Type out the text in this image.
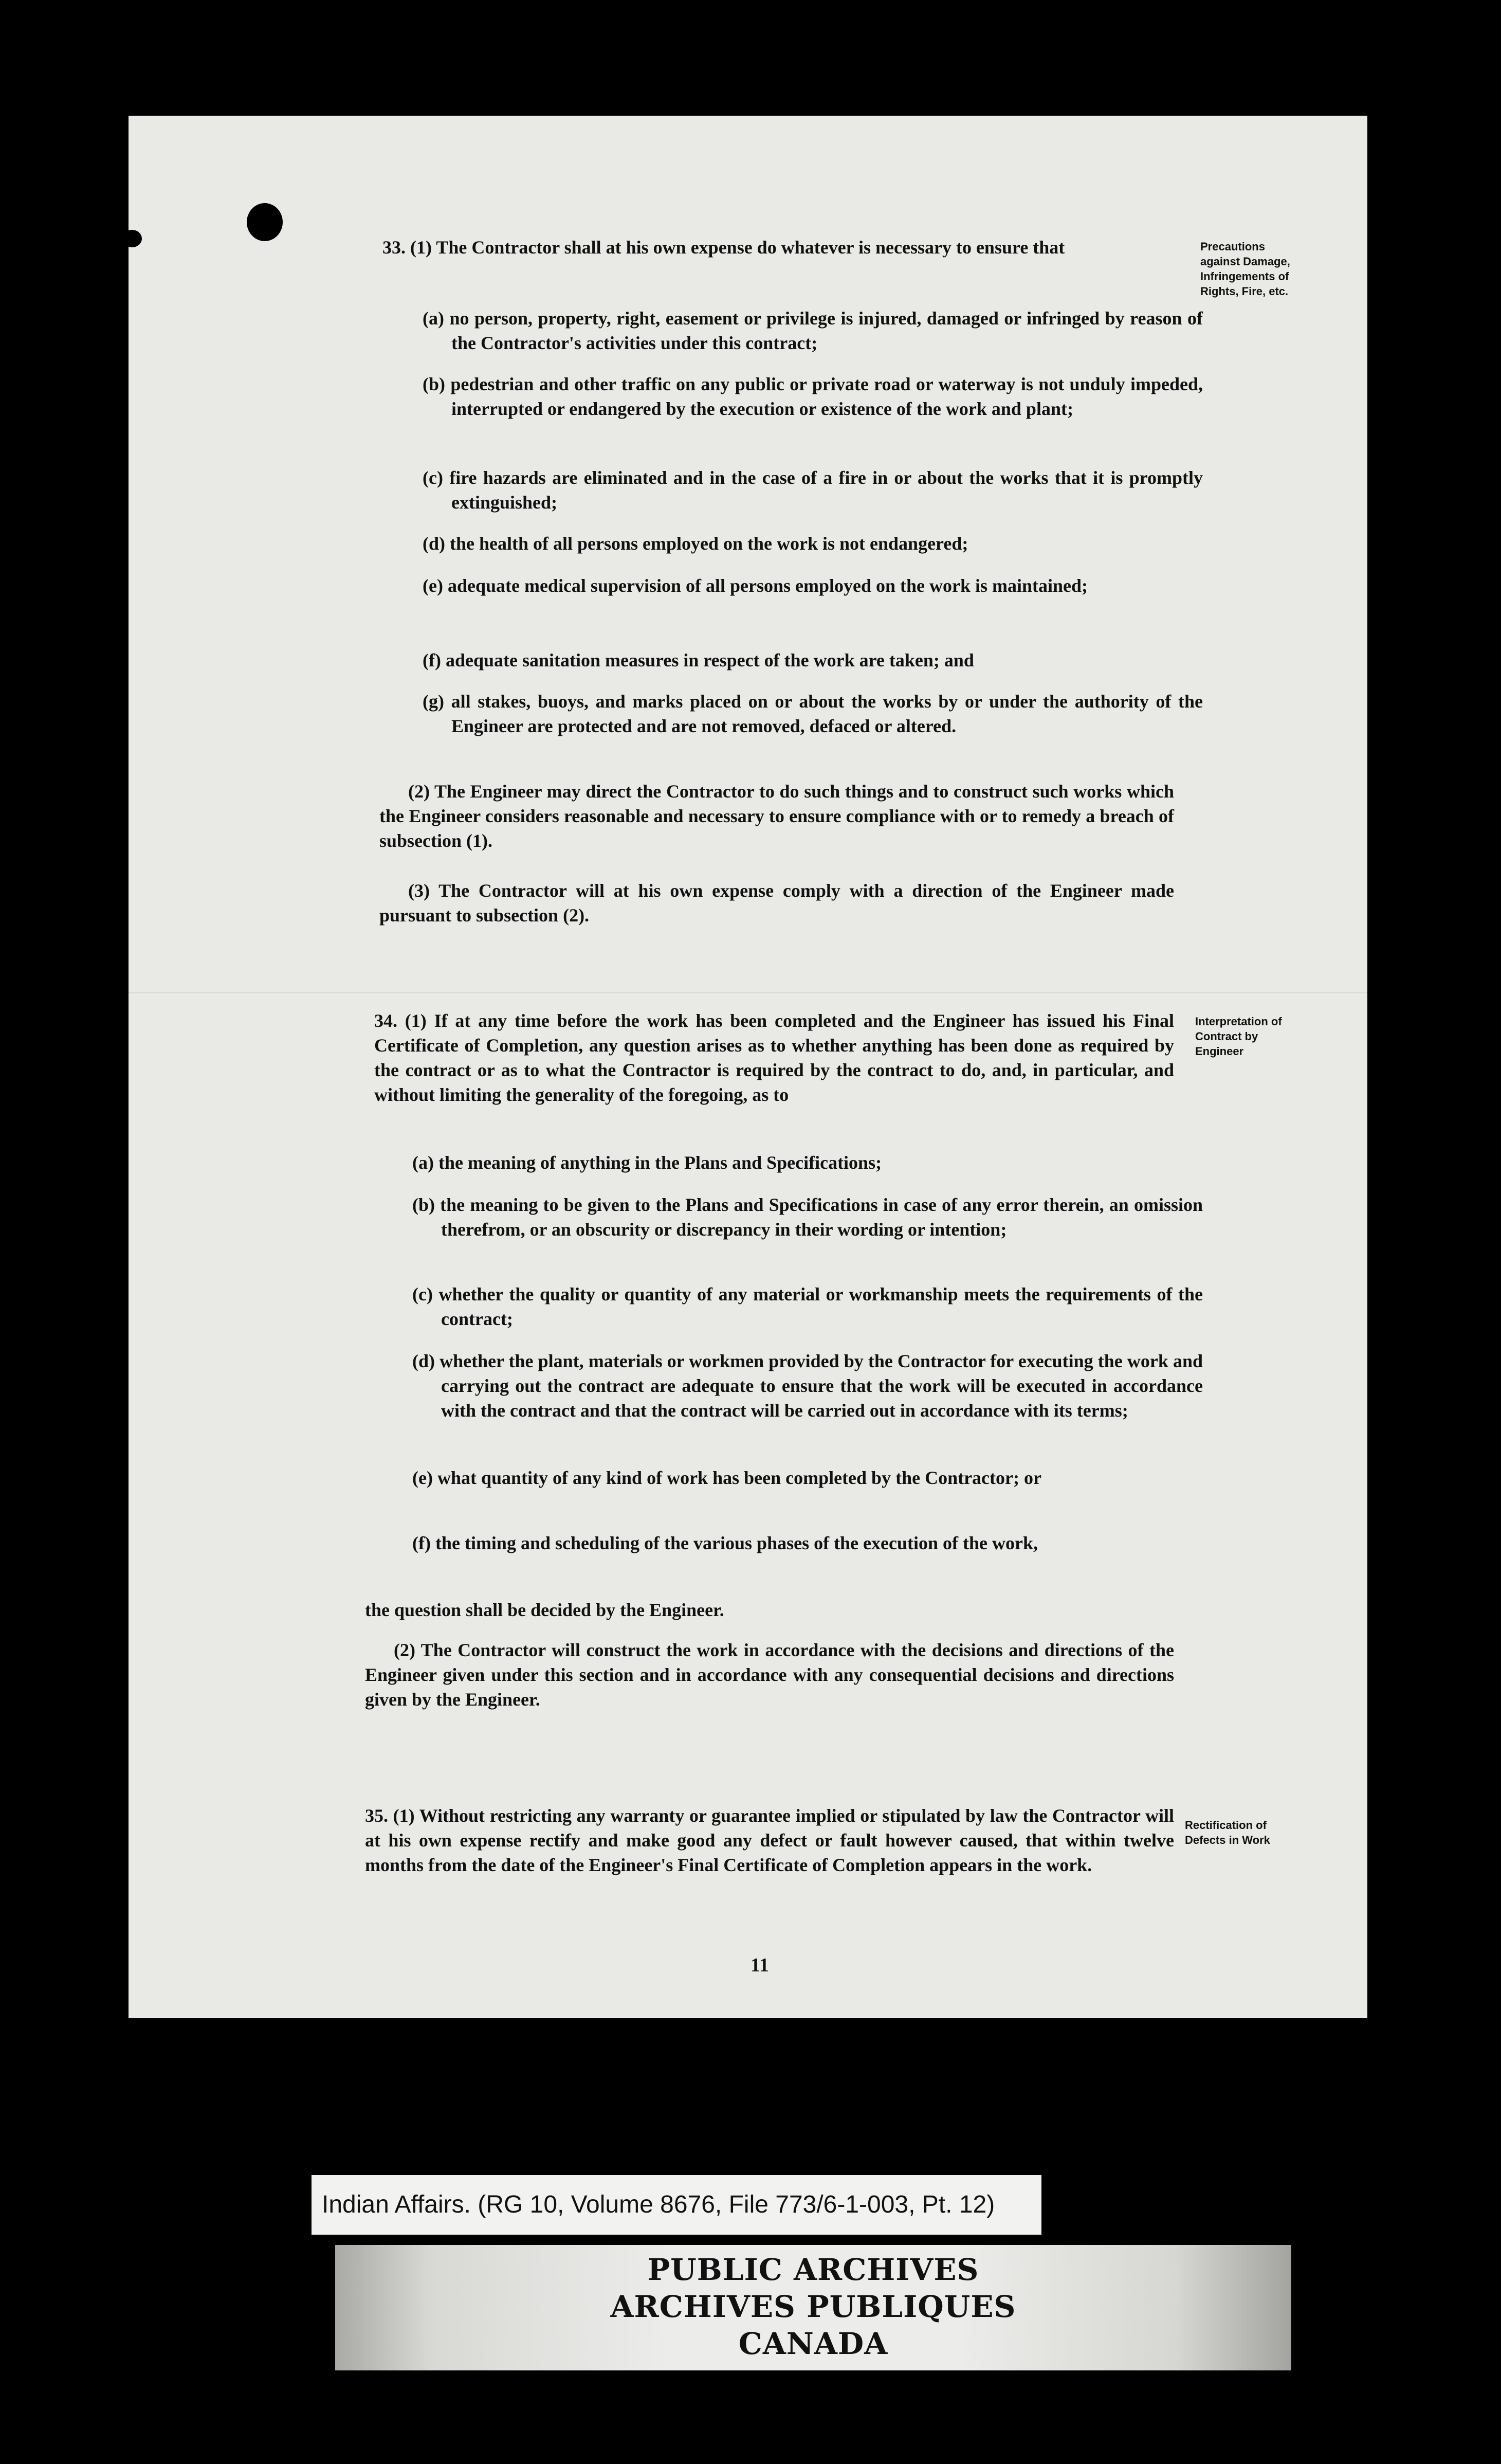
33. (1) The Contractor shall at his own expense do whatever is necessary to ensure that

(a) no person, property, right, easement or privilege is injured, damaged or infringed by reason of the Contractor's activities under this contract;

(b) pedestrian and other traffic on any public or private road or waterway is not unduly impeded, interrupted or endangered by the execution or existence of the work and plant;

(c) fire hazards are eliminated and in the case of a fire in or about the works that it is promptly extinguished;

(d) the health of all persons employed on the work is not endangered;

(e) adequate medical supervision of all persons employed on the work is maintained;

(f) adequate sanitation measures in respect of the work are taken; and

(g) all stakes, buoys, and marks placed on or about the works by or under the authority of the Engineer are protected and are not removed, defaced or altered.

(2) The Engineer may direct the Contractor to do such things and to construct such works which the Engineer considers reasonable and necessary to ensure compliance with or to remedy a breach of subsection (1).

(3) The Contractor will at his own expense comply with a direction of the Engineer made pursuant to subsection (2).

Precautions against Damage, Infringements of Rights, Fire, etc.

34. (1) If at any time before the work has been completed and the Engineer has issued his Final Certificate of Completion, any question arises as to whether anything has been done as required by the contract or as to what the Contractor is required by the contract to do, and, in particular, and without limiting the generality of the foregoing, as to

(a) the meaning of anything in the Plans and Specifications;

(b) the meaning to be given to the Plans and Specifications in case of any error therein, an omission therefrom, or an obscurity or discrepancy in their wording or intention;

(c) whether the quality or quantity of any material or workmanship meets the requirements of the contract;

(d) whether the plant, materials or workmen provided by the Contractor for executing the work and carrying out the contract are adequate to ensure that the work will be executed in accordance with the contract and that the contract will be carried out in accordance with its terms;

(e) what quantity of any kind of work has been completed by the Contractor; or

(f) the timing and scheduling of the various phases of the execution of the work,

the question shall be decided by the Engineer.

(2) The Contractor will construct the work in accordance with the decisions and directions of the Engineer given under this section and in accordance with any consequential decisions and directions given by the Engineer.

Interpretation of Contract by Engineer

35. (1) Without restricting any warranty or guarantee implied or stipulated by law the Contractor will at his own expense rectify and make good any defect or fault however caused, that within twelve months from the date of the Engineer's Final Certificate of Completion appears in the work.

Rectification of Defects in Work

11

Indian Affairs. (RG 10, Volume 8676, File 773/6-1-003, Pt. 12)

PUBLIC ARCHIVES

ARCHIVES PUBLIQUES

CANADA
